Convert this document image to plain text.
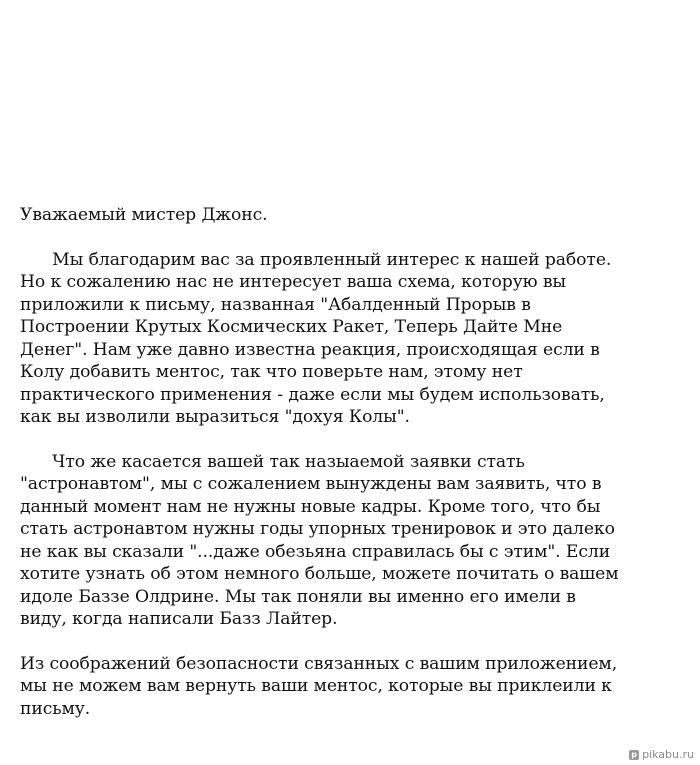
Уважаемый мистер Джонс.
Мы благодарим вас за проявленный интерес к нашей работе.
Но к сожалению нас не интересует ваша схема, которую вы
приложили к письму, названная "Абалденный Прорыв в
Построении Крутых Космических Ракет, Теперь Дайте Мне
Денег". Нам уже давно известна реакция, происходящая если в
Колу добавить ментос, так что поверьте нам, этому нет
практического применения - даже если мы будем использовать,
как вы изволили выразиться "дохуя Колы".
Что же касается вашей так назыаемой заявки стать
"астронавтом", мы с сожалением вынуждены вам заявить, что в
данный момент нам не нужны новые кадры. Кроме того, что бы
стать астронавтом нужны годы упорных тренировок и это далеко
не как вы сказали "...даже обезьяна справилась бы с этим". Если
хотите узнать об этом немного больше, можете почитать о вашем
идоле Баззе Олдрине. Мы так поняли вы именно его имели в
виду, когда написали Базз Лайтер.
Из соображений безопасности связанных с вашим приложением,
мы не можем вам вернуть ваши ментос, которые вы приклеили к
письму.
p pikabu.ru
